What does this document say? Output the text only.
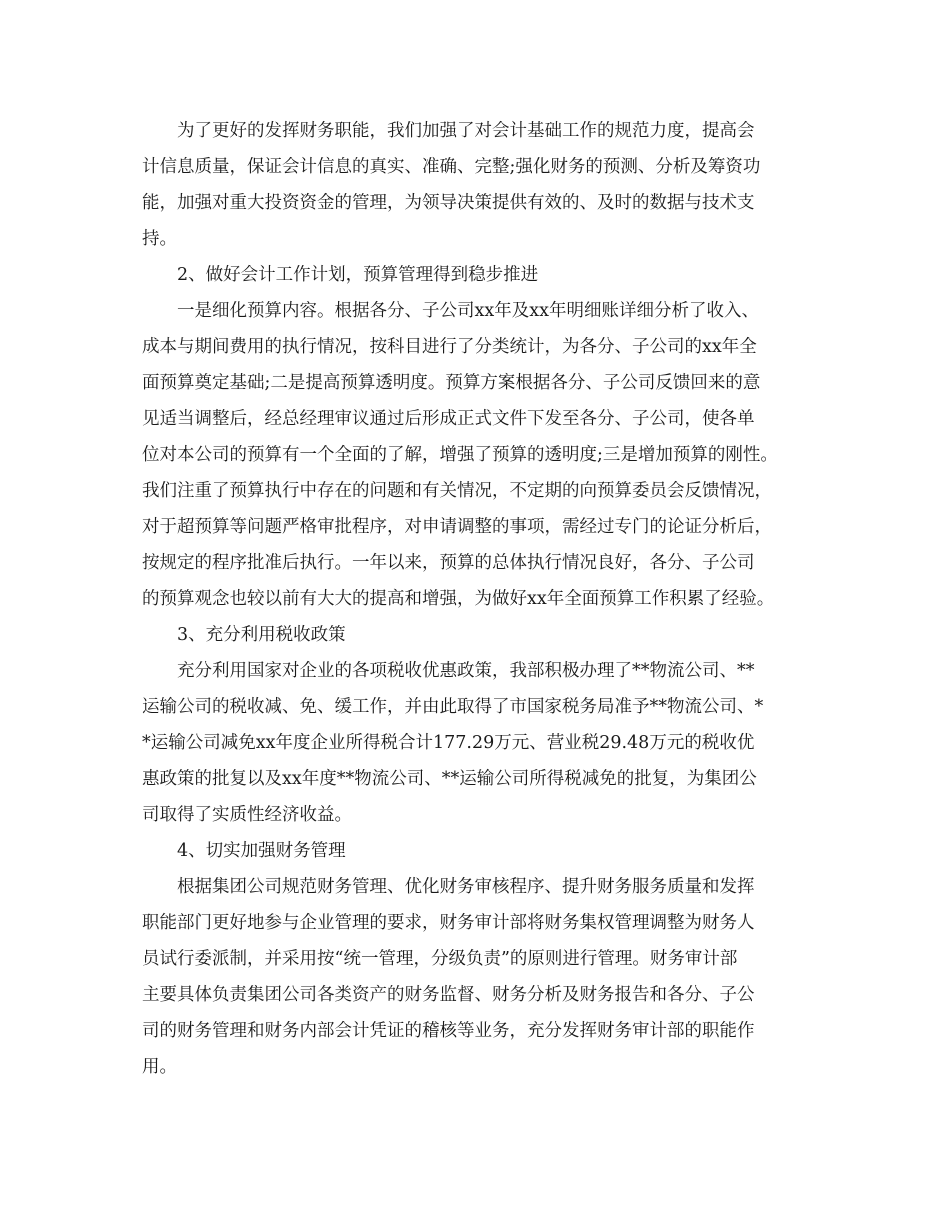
为了更好的发挥财务职能，我们加强了对会计基础工作的规范力度，提高会
计信息质量，保证会计信息的真实、准确、完整;强化财务的预测、分析及筹资功
能，加强对重大投资资金的管理，为领导决策提供有效的、及时的数据与技术支
持。
2、做好会计工作计划，预算管理得到稳步推进
一是细化预算内容。根据各分、子公司xx年及xx年明细账详细分析了收入、
成本与期间费用的执行情况，按科目进行了分类统计，为各分、子公司的xx年全
面预算奠定基础;二是提高预算透明度。预算方案根据各分、子公司反馈回来的意
见适当调整后，经总经理审议通过后形成正式文件下发至各分、子公司，使各单
位对本公司的预算有一个全面的了解，增强了预算的透明度;三是增加预算的刚性。
我们注重了预算执行中存在的问题和有关情况，不定期的向预算委员会反馈情况，
对于超预算等问题严格审批程序，对申请调整的事项，需经过专门的论证分析后，
按规定的程序批准后执行。一年以来，预算的总体执行情况良好，各分、子公司
的预算观念也较以前有大大的提高和增强，为做好xx年全面预算工作积累了经验。
3、充分利用税收政策
充分利用国家对企业的各项税收优惠政策，我部积极办理了**物流公司、**
运输公司的税收减、免、缓工作，并由此取得了市国家税务局准予**物流公司、*
*运输公司减免xx年度企业所得税合计177.29万元、营业税29.48万元的税收优
惠政策的批复以及xx年度**物流公司、**运输公司所得税减免的批复，为集团公
司取得了实质性经济收益。
4、切实加强财务管理
根据集团公司规范财务管理、优化财务审核程序、提升财务服务质量和发挥
职能部门更好地参与企业管理的要求，财务审计部将财务集权管理调整为财务人
员试行委派制，并采用按“统一管理，分级负责”的原则进行管理。财务审计部
主要具体负责集团公司各类资产的财务监督、财务分析及财务报告和各分、子公
司的财务管理和财务内部会计凭证的稽核等业务，充分发挥财务审计部的职能作
用。
